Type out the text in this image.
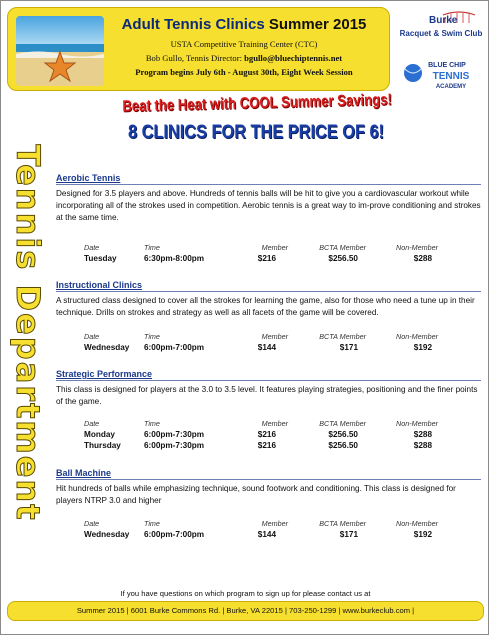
Adult Tennis Clinics Summer 2015
USTA Competitive Training Center (CTC)
Bob Gullo, Tennis Director: bgullo@bluechiptennis.net
Program begins July 6th - August 30th, Eight Week Session
Burke
Racquet & Swim Club
BLUE CHIP
TENNIS
ACADEMY
Beat the Heat with COOL Summer Savings!
8 CLINICS FOR THE PRICE OF 6!
Tennis Department Aerobic Tennis
Designed for 3.5 players and above. Hundreds of tennis balls will be hit to give you a cardiovascular workout while incorporating all of the strokes used in competition. Aerobic tennis is a great way to im-prove conditioning and strokes at the same time.
Date	Time	Member	BCTA Member	Non-Member
Tuesday	6:30pm-8:00pm	$216	$256.50	$288
Instructional Clinics
A structured class designed to cover all the strokes for learning the game, also for those who need a tune up in their technique. Drills on strokes and strategy as well as all facets of the game will be covered.
Date	Time	Member	BCTA Member	Non-Member
Wednesday 6:00pm-7:00pm	$144	$171	$192
Strategic Performance
This class is designed for players at the 3.0 to 3.5 level. It features playing strategies, positioning and the finer points of the game.
Date	Time	Member	BCTA Member	Non-Member
Monday	6:00pm-7:30pm	$216	$256.50	$288
Thursday	6:00pm-7:30pm	$216	$256.50	$288
Ball Machine
Hit hundreds of balls while emphasizing technique, sound footwork and conditioning. This class is designed for players NTRP 3.0 and higher
Date	Time	Member	BCTA Member	Non-Member
Wednesday 6:00pm-7:00pm	$144	$171	$192
If you have questions on which program to sign up for please contact us at
Summer 2015 | 6001 Burke Commons Rd. | Burke, VA 22015 | 703-250-1299 | www.burkeclub.com |
